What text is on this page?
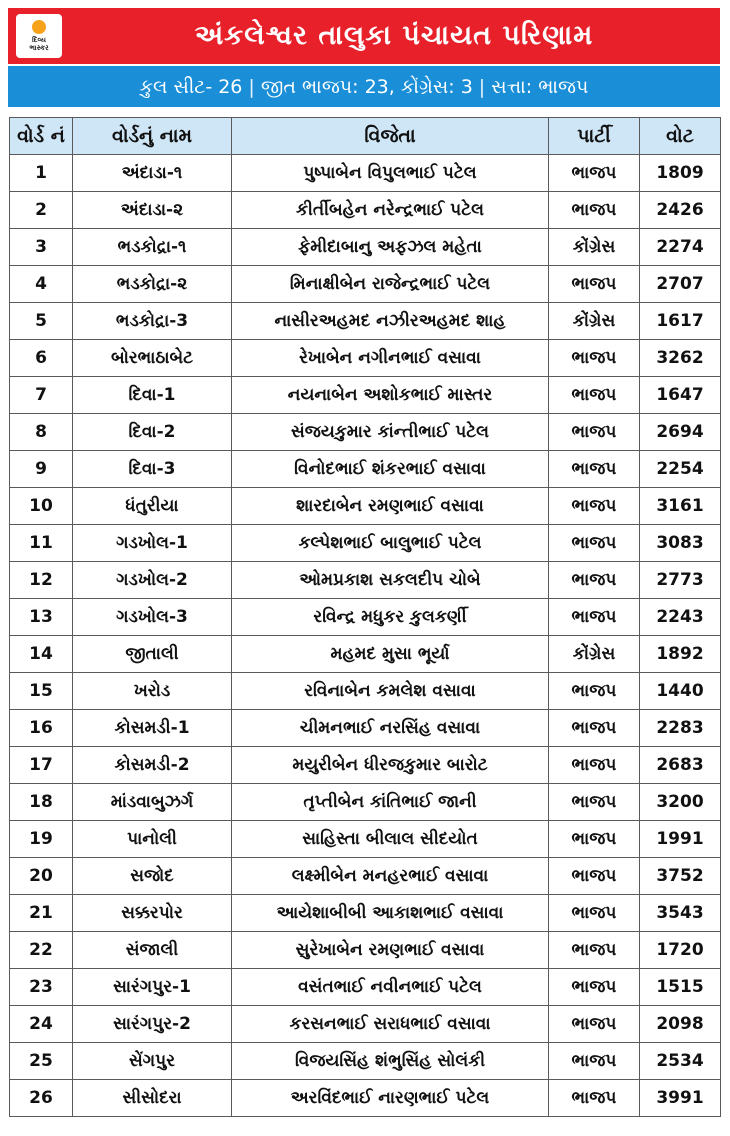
દિવ્ય
ભાસ્કર	અંકલેશ્વર તાલુકા પંચાયત પરિણામ
કુલ સીટ- 26 | જીત ભાજપ: 23, કોંગ્રેસ: 3 | સત્તા: ભાજપ
વોર્ડ નં	વોર્ડનું નામ	વિજેતા	પાર્ટી	વોટ
1	અંદાડા-૧	પુષ્પાબેન વિપુલભાઈ પટેલ	ભાજપ	1809
2	અંદાડા-૨	કીર્તીબહેન નરેન્દ્રભાઈ પટેલ	ભાજપ	2426
3	ભડકોદ્રા-૧	ફેમીદાબાનુ અફઝલ મહેતા	કોંગ્રેસ	2274
4	ભડકોદ્રા-૨	મિનાક્ષીબેન રાજેન્દ્રભાઈ પટેલ	ભાજપ	2707
5	ભડકોદ્રા-3	નાસીરઅહમદ નઝીરઅહમદ શાહ	કોંગ્રેસ	1617
6	બોરભાઠાબેટ	રેખાબેન નગીનભાઈ વસાવા	ભાજપ	3262
7	દિવા-1	નયનાબેન અશોકભાઈ માસ્તર	ભાજપ	1647
8	દિવા-2	સંજયકુમાર કાંન્તીભાઈ પટેલ	ભાજપ	2694
9	દિવા-3	વિનોદભાઈ શંકરભાઈ વસાવા	ભાજપ	2254
10	ધંતુરીયા	શારદાબેન રમણભાઈ વસાવા	ભાજપ	3161
11	ગડખોલ-1	કલ્પેશભાઈ બાલુભાઈ પટેલ	ભાજપ	3083
12	ગડખોલ-2	ઓમપ્રકાશ સકલદીપ ચોબે	ભાજપ	2773
13	ગડખોલ-3	રવિન્દ્ર મધુકર કુલકર્ણી	ભાજપ	2243
14	જીતાલી	મહમદ મુસા ભૂર્યા	કોંગ્રેસ	1892
15	ખરોડ	રવિનાબેન કમલેશ વસાવા	ભાજપ	1440
16	કોસમડી-1	ચીમનભાઈ નરસિંહ વસાવા	ભાજપ	2283
17	કોસમડી-2	મયુરીબેન ધીરજકુમાર બારોટ	ભાજપ	2683
18	માંડવાબુઝર્ગ	તૃપ્તીબેન કાંતિભાઈ જાની	ભાજપ	3200
19	પાનોલી	સાહિસ્તા બીલાલ સીદયોત	ભાજપ	1991
20	સજોદ	લક્ષ્મીબેન મનહરભાઈ વસાવા	ભાજપ	3752
21	સક્કરપોર	આયેશાબીબી આકાશભાઈ વસાવા	ભાજપ	3543
22	સંજાલી	સુરેખાબેન રમણભાઈ વસાવા	ભાજપ	1720
23	સારંગપુર-1	વસંતભાઈ નવીનભાઈ પટેલ	ભાજપ	1515
24	સારંગપુર-2	કરસનભાઈ સરાધભાઈ વસાવા	ભાજપ	2098
25	સેંગપુર	વિજયસિંહ શંભુસિંહ સોલંકી	ભાજપ	2534
26	સીસોદરા	અરવિંદભાઈ નારણભાઈ પટેલ	ભાજપ	3991
